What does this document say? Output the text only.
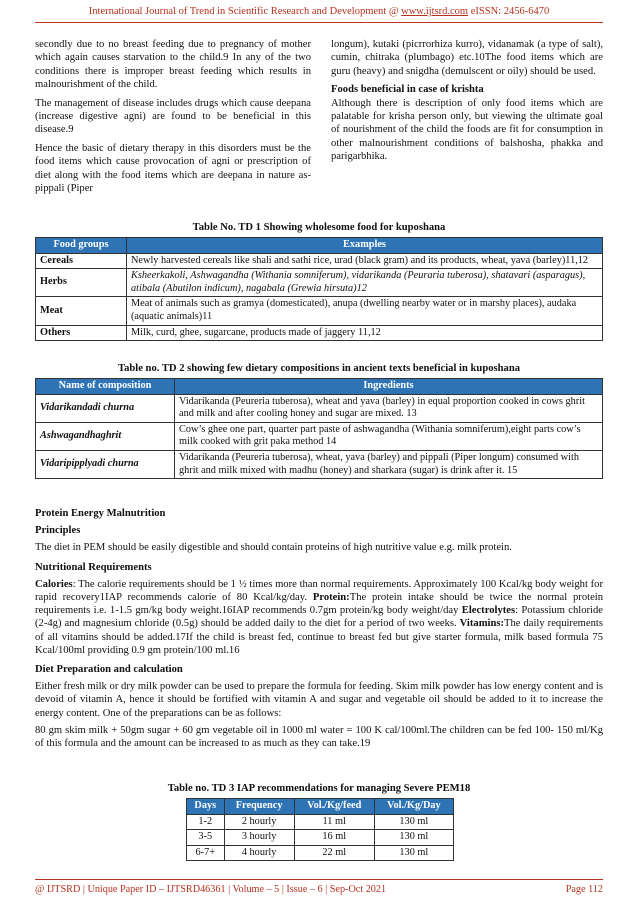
International Journal of Trend in Scientific Research and Development @ www.ijtsrd.com eISSN: 2456-6470

secondly due to no breast feeding due to pregnancy of mother which again causes starvation to the child.9 In any of the two conditions there is improper breast feeding which results in malnourishment of the child.

The management of disease includes drugs which cause deepana (increase digestive agni) are found to be beneficial in this disease.9

Hence the basic of dietary therapy in this disorders must be the food items which cause provocation of agni or prescription of diet along with the food items which are deepana in nature as- pippali (Piper

longum), kutaki (picrrorhiza kurro), vidanamak (a type of salt), cumin, chitraka (plumbago) etc.10The food items which are guru (heavy) and snigdha (demulscent or oily) should be used.

Foods beneficial in case of krishta

Although there is description of only food items which are palatable for krisha person only, but viewing the ultimate goal of nourishment of the child the foods are fit for consumption in other malnourishment conditions of balshosha, phakka and parigarbhika.

Table No. TD 1 Showing wholesome food for kuposhana
Food groups	Examples
Cereals	Newly harvested cereals like shali and sathi rice, urad (black gram) and its products, wheat, yava (barley)11,12
Herbs	Ksheerkakoli, Ashwagandha (Withania somniferum), vidarikanda (Peuraria tuberosa), shatavari (asparagus), atibala (Abutilon indicum), nagabala (Grewia hirsuta)12
Meat	Meat of animals such as gramya (domesticated), anupa (dwelling nearby water or in marshy places), audaka (aquatic animals)11
Others	Milk, curd, ghee, sugarcane, products made of jaggery 11,12
Table no. TD 2 showing few dietary compositions in ancient texts beneficial in kuposhana
Name of composition	Ingredients
Vidarikandadi churna	Vidarikanda (Peureria tuberosa), wheat and yava (barley) in equal proportion cooked in cows ghrit and milk and after cooling honey and sugar are mixed. 13
Ashwagandhaghrit	Cow’s ghee one part, quarter part paste of ashwagandha (Withania somniferum),eight parts cow’s milk cooked with grit paka method 14
Vidaripipplyadi churna	Vidarikanda (Peureria tuberosa), wheat, yava (barley) and pippali (Piper longum) consumed with ghrit and milk mixed with madhu (honey) and sharkara (sugar) is drink after it. 15

Protein Energy Malnutrition

Principles

The diet in PEM should be easily digestible and should contain proteins of high nutritive value e.g. milk protein.

Nutritional Requirements

Calories: The calorie requirements should be 1 ½ times more than normal requirements. Approximately 100 Kcal/kg body weight for rapid recovery1IAP recommends calorie of 80 Kcal/kg/day. Protein:The protein intake should be twice the normal protein requirements i.e. 1-1.5 gm/kg body weight.16IAP recommends 0.7gm protein/kg body weight/day Electrolytes: Potassium chloride (2-4g) and magnesium chloride (0.5g) should be added daily to the diet for a period of two weeks. Vitamins:The daily requirements of all vitamins should be added.17If the child is breast fed, continue to breast fed but give starter formula, milk based formula 75 Kcal/100ml providing 0.9 gm protein/100 ml.16

Diet Preparation and calculation

Either fresh milk or dry milk powder can be used to prepare the formula for feeding. Skim milk powder has low energy content and is devoid of vitamin A, hence it should be fortified with vitamin A and sugar and vegetable oil should be added to it to increase the energy content. One of the preparations can be as follows:

80 gm skim milk + 50gm sugar + 60 gm vegetable oil in 1000 ml water = 100 K cal/100ml.The children can be fed 100- 150 ml/Kg of this formula and the amount can be increased to as much as they can take.19

Table no. TD 3 IAP recommendations for managing Severe PEM18
Days	Frequency	Vol./Kg/feed	Vol./Kg/Day
1-2	2 hourly	11 ml	130 ml
3-5	3 hourly	16 ml	130 ml
6-7+	4 hourly	22 ml	130 ml
@ IJTSRD | Unique Paper ID – IJTSRD46361 | Volume – 5 | Issue – 6 | Sep-Oct 2021	Page 112
